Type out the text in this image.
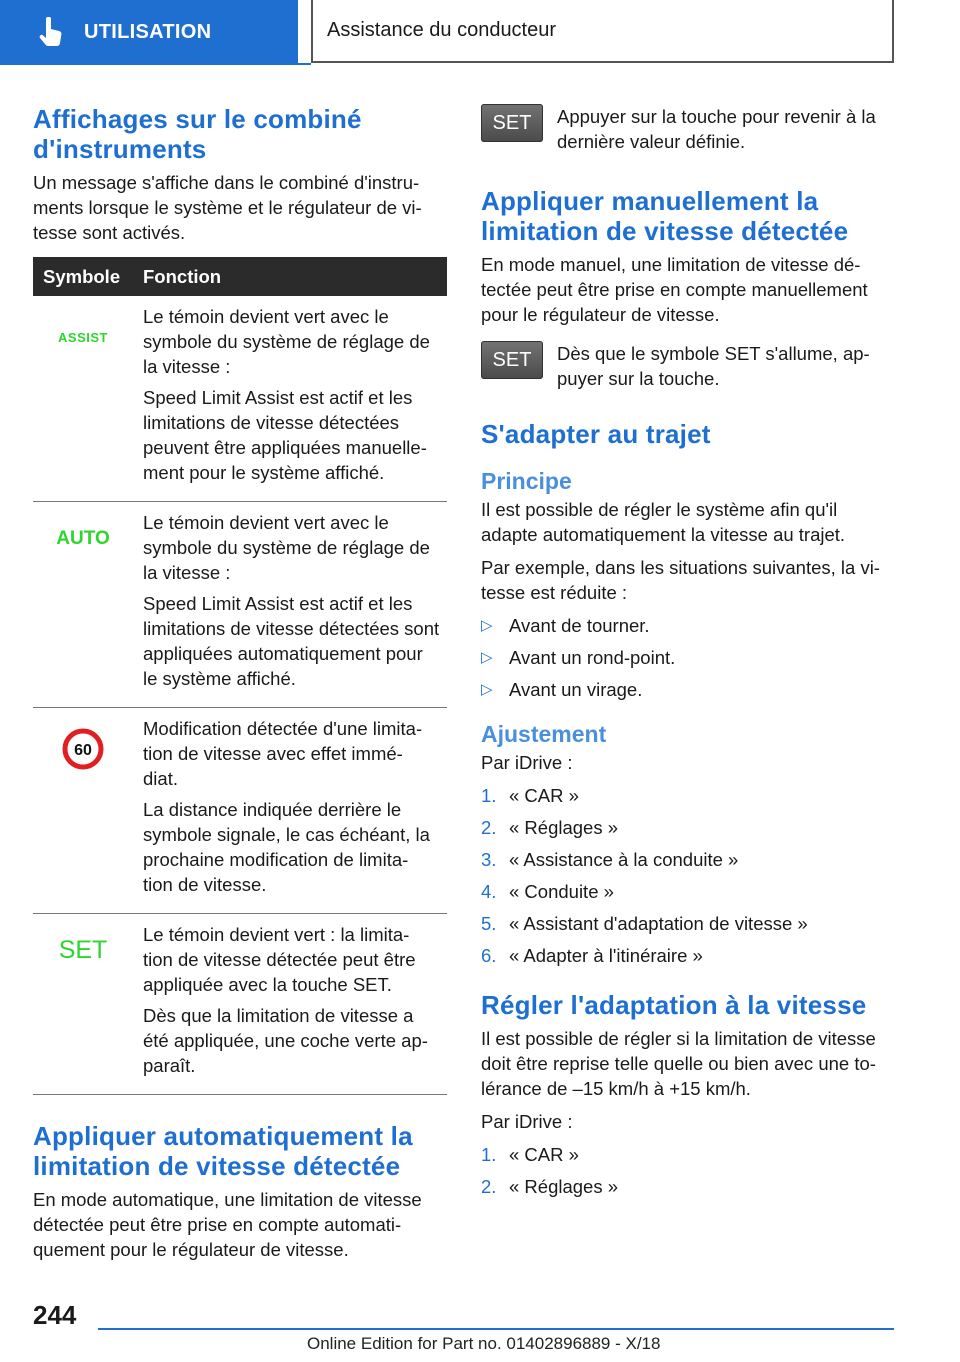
UTILISATION	Assistance du conducteur
Affichages sur le combiné d'instruments

Un message s'affiche dans le combiné d'instru- ments lorsque le système et le régulateur de vi- tesse sont activés.

Symbole	Fonction
ASSIST	Le témoin devient vert avec le symbole du système de réglage de la vitesse :

Speed Limit Assist est actif et les limitations de vitesse détectées peuvent être appliquées manuelle- ment pour le système affiché.

AUTO	Le témoin devient vert avec le symbole du système de réglage de la vitesse :

Speed Limit Assist est actif et les limitations de vitesse détectées sont appliquées automatiquement pour le système affiché.

60	Modification détectée d'une limita- tion de vitesse avec effet immé- diat.

La distance indiquée derrière le symbole signale, le cas échéant, la prochaine modification de limita- tion de vitesse.

SET	Le témoin devient vert : la limita- tion de vitesse détectée peut être appliquée avec la touche SET.

Dès que la limitation de vitesse a été appliquée, une coche verte ap- paraît.

Appliquer automatiquement la limitation de vitesse détectée

En mode automatique, une limitation de vitesse détectée peut être prise en compte automati- quement pour le régulateur de vitesse.

SET	Appuyer sur la touche pour revenir à la dernière valeur définie.

Appliquer manuellement la limitation de vitesse détectée

En mode manuel, une limitation de vitesse dé- tectée peut être prise en compte manuellement pour le régulateur de vitesse.

SET	Dès que le symbole SET s'allume, ap- puyer sur la touche.

S'adapter au trajet
Principe

Il est possible de régler le système afin qu'il adapte automatiquement la vitesse au trajet.

Par exemple, dans les situations suivantes, la vi- tesse est réduite :

▷ Avant de tourner.
▷ Avant un rond-point.
▷ Avant un virage.
Ajustement

Par iDrive :

1. « CAR »
2. « Réglages »
3. « Assistance à la conduite »
4. « Conduite »
5. « Assistant d'adaptation de vitesse »
6. « Adapter à l'itinéraire »
Régler l'adaptation à la vitesse

Il est possible de régler si la limitation de vitesse doit être reprise telle quelle ou bien avec une to- lérance de –15 km/h à +15 km/h.

Par iDrive :

1. « CAR »
2. « Réglages »
244
Online Edition for Part no. 01402896889 - X/18
